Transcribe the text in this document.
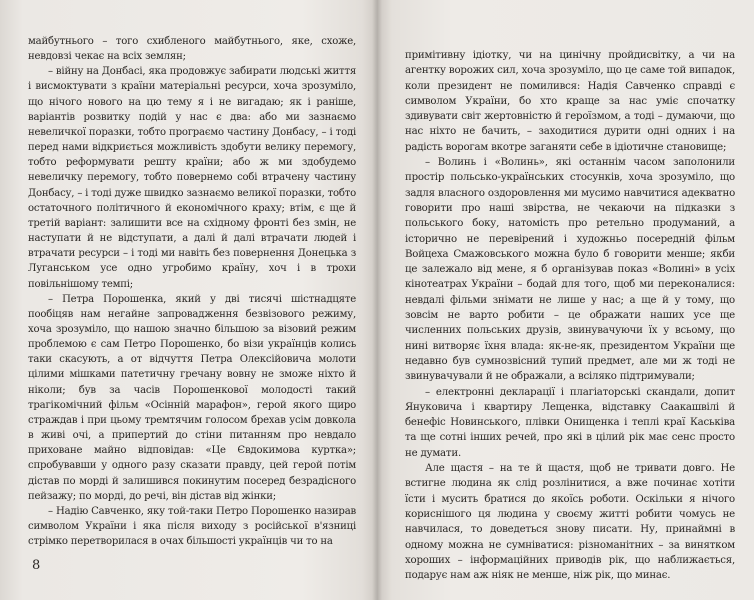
майбутнього – того схибленого майбутнього, яке, схоже, невдовзі чекає на всіх землян;

– війну на Донбасі, яка продовжує забирати людські життя і висмоктувати з країни матеріальні ресурси, хоча зрозуміло, що нічого нового на цю тему я і не вигадаю; як і раніше, варіантів розвитку подій у нас є два: або ми зазнаємо невеличкої поразки, тобто програємо частину Донбасу, – і тоді перед нами відкриється можливість здобути велику перемогу, тобто реформувати решту країни; або ж ми здобудемо невеличку перемогу, тобто повернемо собі втрачену частину Донбасу, – і тоді дуже швидко зазнаємо великої поразки, тобто остаточного політичного й економічного краху; втім, є ще й третій варіант: залишити все на східному фронті без змін, не наступати й не відступати, а далі й далі втрачати людей і втрачати ресурси – і тоді ми навіть без повернення Донецька з Луганськом усе одно угробимо країну, хоч і в трохи повільнішому темпі;

– Петра Порошенка, який у дві тисячі шістнадцяте пообіцяв нам негайне запровадження безвізового режиму, хоча зрозуміло, що нашою значно більшою за візовий режим проблемою є сам Петро Порошенко, бо візи українців колись таки скасують, а от відчуття Петра Олексійовича молоти цілими мішками патетичну гречану вовну не зможе ніхто й ніколи; був за часів Порошенкової молодості такий трагікомічний фільм «Осінній марафон», герой якого щиро страждав і при цьому тремтячим голосом брехав усім довкола в живі очі, а припертий до стіни питанням про невдало приховане майно відповідав: «Це Євдокимова куртка»; спробувавши у одного разу сказати правду, цей герой потім дістав по морді й залишився покинутим посеред безрадісного пейзажу; по морді, до речі, він дістав від жінки;

– Надію Савченко, яку той-таки Петро Порошенко назирав символом України і яка після виходу з російської в'язниці стрімко перетворилася в очах більшості українців чи то на

8

примітивну ідіотку, чи на цинічну пройдисвітку, а чи на агентку ворожих сил, хоча зрозуміло, що це саме той випадок, коли президент не помилився: Надія Савченко справді є символом України, бо хто краще за нас уміє спочатку здивувати світ жертовністю й героїзмом, а тоді – думаючи, що нас ніхто не бачить, – заходитися дурити одні одних і на радість ворогам вкотре заганяти себе в ідіотичне становище;

– Волинь і «Волинь», які останнім часом заполонили простір польсько-українських стосунків, хоча зрозуміло, що задля власного оздоровлення ми мусимо навчитися адекватно говорити про наші звірства, не чекаючи на підказки з польського боку, натомість про ретельно продуманий, а історично не перевірений і художньо посередній фільм Войцеха Смажовського можна було б говорити менше; якби це залежало від мене, я б організував показ «Волині» в усіх кінотеатрах України – бодай для того, щоб ми переконалися: невдалі фільми знімати не лише у нас; а ще й у тому, що зовсім не варто робити – це ображати наших усе ще численних польських друзів, звинувачуючи їх у всьому, що нині витворяє їхня влада: як-не-як, президентом України ще недавно був сумнозвісний тупий предмет, але ми ж тоді не звинувачували й не ображали, а всіляко підтримували;

– електронні декларації і плагіаторські скандали, допит Януковича і квартиру Лещенка, відставку Саакашвілі й бенефіс Новинського, плівки Онищенка і теплі краї Каськіва та ще сотні інших речей, про які в цілий рік має сенс просто не думати.

Але щастя – на те й щастя, щоб не тривати довго. Не встигне людина як слід розлінитися, а вже починає хотіти їсти і мусить братися до якоїсь роботи. Оскільки я нічого кориснішого ця людина у своєму житті робити чомусь не навчилася, то доведеться знову писати. Ну, принаймні в одному можна не сумніватися: різноманітних – за винятком хороших – інформаційних приводів рік, що наближається, подарує нам аж ніяк не менше, ніж рік, що минає.
